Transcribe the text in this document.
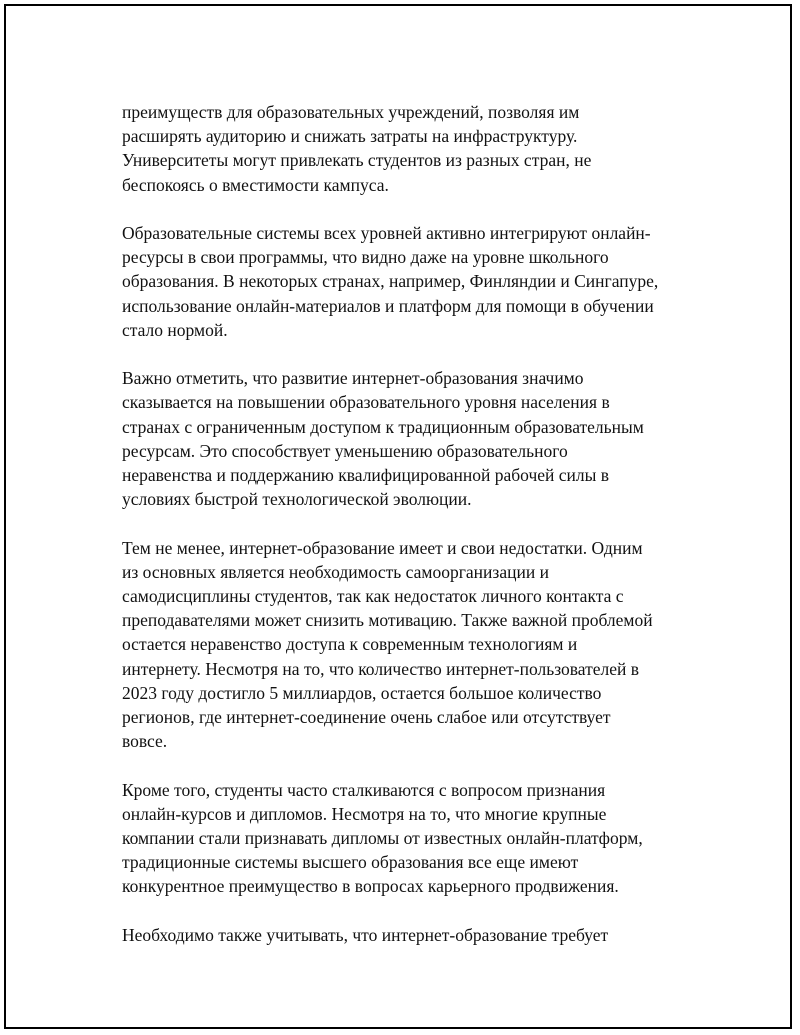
преимуществ для образовательных учреждений, позволяя им
расширять аудиторию и снижать затраты на инфраструктуру.
Университеты могут привлекать студентов из разных стран, не
беспокоясь о вместимости кампуса.

Образовательные системы всех уровней активно интегрируют онлайн-
ресурсы в свои программы, что видно даже на уровне школьного
образования. В некоторых странах, например, Финляндии и Сингапуре,
использование онлайн-материалов и платформ для помощи в обучении
стало нормой.

Важно отметить, что развитие интернет-образования значимо
сказывается на повышении образовательного уровня населения в
странах с ограниченным доступом к традиционным образовательным
ресурсам. Это способствует уменьшению образовательного
неравенства и поддержанию квалифицированной рабочей силы в
условиях быстрой технологической эволюции.

Тем не менее, интернет-образование имеет и свои недостатки. Одним
из основных является необходимость самоорганизации и
самодисциплины студентов, так как недостаток личного контакта с
преподавателями может снизить мотивацию. Также важной проблемой
остается неравенство доступа к современным технологиям и
интернету. Несмотря на то, что количество интернет-пользователей в
2023 году достигло 5 миллиардов, остается большое количество
регионов, где интернет-соединение очень слабое или отсутствует
вовсе.

Кроме того, студенты часто сталкиваются с вопросом признания
онлайн-курсов и дипломов. Несмотря на то, что многие крупные
компании стали признавать дипломы от известных онлайн-платформ,
традиционные системы высшего образования все еще имеют
конкурентное преимущество в вопросах карьерного продвижения.

Необходимо также учитывать, что интернет-образование требует
